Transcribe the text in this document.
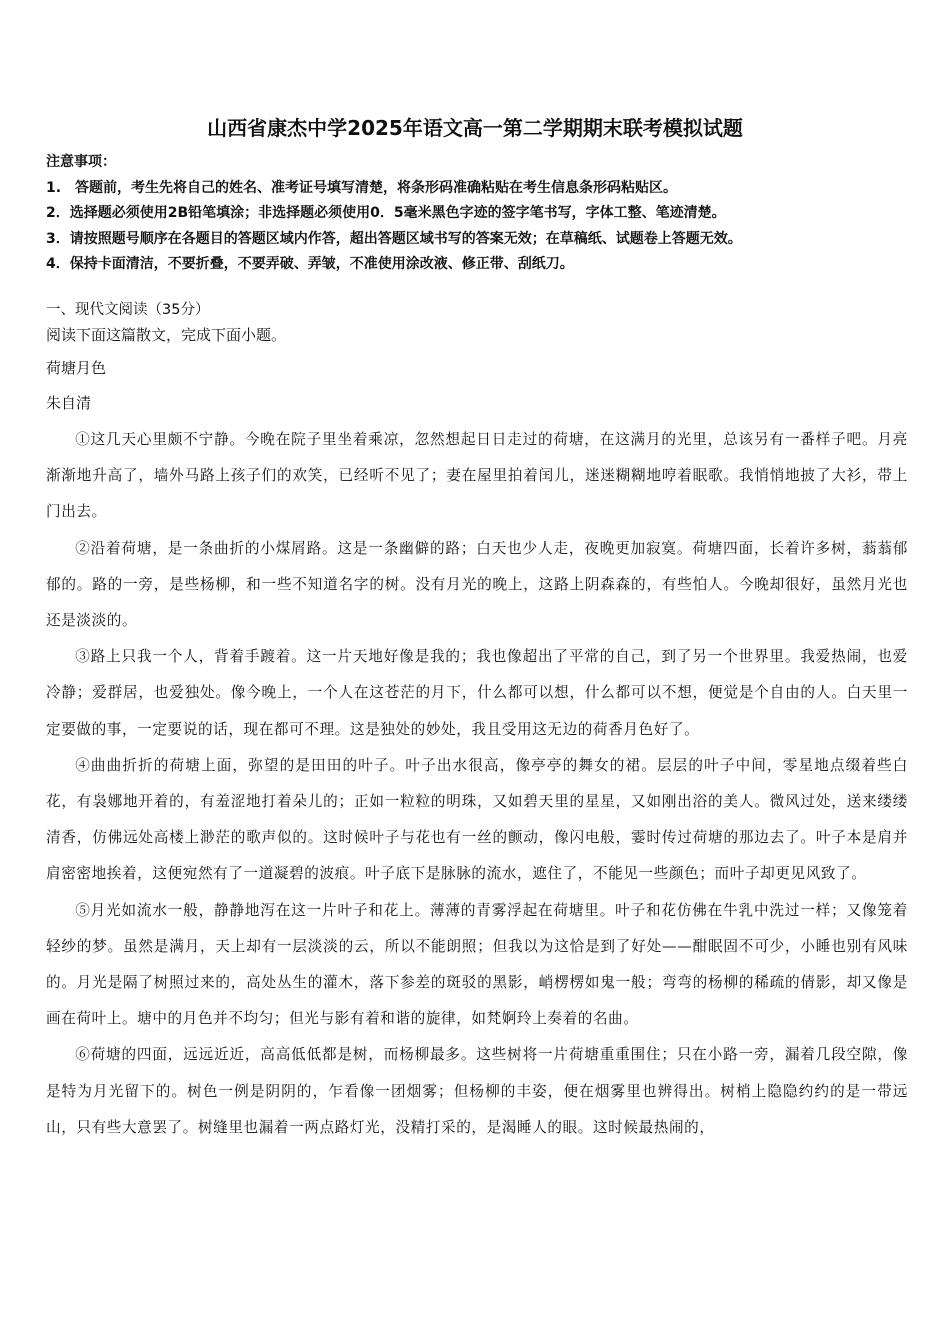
山西省康杰中学2025年语文高一第二学期期末联考模拟试题
注意事项：
1.　答题前，考生先将自己的姓名、准考证号填写清楚，将条形码准确粘贴在考生信息条形码粘贴区。
2．选择题必须使用2B铅笔填涂；非选择题必须使用0．5毫米黑色字迹的签字笔书写，字体工整、笔迹清楚。
3．请按照题号顺序在各题目的答题区域内作答，超出答题区域书写的答案无效；在草稿纸、试题卷上答题无效。
4．保持卡面清洁，不要折叠，不要弄破、弄皱，不准使用涂改液、修正带、刮纸刀。
一、现代文阅读（35分）
阅读下面这篇散文，完成下面小题。
荷塘月色
朱自清

①这几天心里颇不宁静。今晚在院子里坐着乘凉，忽然想起日日走过的荷塘，在这满月的光里，总该另有一番样子吧。月亮渐渐地升高了，墙外马路上孩子们的欢笑，已经听不见了；妻在屋里拍着闰儿，迷迷糊糊地哼着眠歌。我悄悄地披了大衫，带上门出去。

②沿着荷塘，是一条曲折的小煤屑路。这是一条幽僻的路；白天也少人走，夜晚更加寂寞。荷塘四面，长着许多树，蓊蓊郁郁的。路的一旁，是些杨柳，和一些不知道名字的树。没有月光的晚上，这路上阴森森的，有些怕人。今晚却很好，虽然月光也还是淡淡的。

③路上只我一个人，背着手踱着。这一片天地好像是我的；我也像超出了平常的自己，到了另一个世界里。我爱热闹，也爱冷静；爱群居，也爱独处。像今晚上，一个人在这苍茫的月下，什么都可以想，什么都可以不想，便觉是个自由的人。白天里一定要做的事，一定要说的话，现在都可不理。这是独处的妙处，我且受用这无边的荷香月色好了。

④曲曲折折的荷塘上面，弥望的是田田的叶子。叶子出水很高，像亭亭的舞女的裙。层层的叶子中间，零星地点缀着些白花，有袅娜地开着的，有羞涩地打着朵儿的；正如一粒粒的明珠，又如碧天里的星星，又如刚出浴的美人。微风过处，送来缕缕清香，仿佛远处高楼上渺茫的歌声似的。这时候叶子与花也有一丝的颤动，像闪电般，霎时传过荷塘的那边去了。叶子本是肩并肩密密地挨着，这便宛然有了一道凝碧的波痕。叶子底下是脉脉的流水，遮住了，不能见一些颜色；而叶子却更见风致了。

⑤月光如流水一般，静静地泻在这一片叶子和花上。薄薄的青雾浮起在荷塘里。叶子和花仿佛在牛乳中洗过一样；又像笼着轻纱的梦。虽然是满月，天上却有一层淡淡的云，所以不能朗照；但我以为这恰是到了好处——酣眠固不可少，小睡也别有风味的。月光是隔了树照过来的，高处丛生的灌木，落下参差的斑驳的黑影，峭楞楞如鬼一般；弯弯的杨柳的稀疏的倩影，却又像是画在荷叶上。塘中的月色并不均匀；但光与影有着和谐的旋律，如梵婀玲上奏着的名曲。

⑥荷塘的四面，远远近近，高高低低都是树，而杨柳最多。这些树将一片荷塘重重围住；只在小路一旁，漏着几段空隙，像是特为月光留下的。树色一例是阴阴的，乍看像一团烟雾；但杨柳的丰姿，便在烟雾里也辨得出。树梢上隐隐约约的是一带远山，只有些大意罢了。树缝里也漏着一两点路灯光，没精打采的，是渴睡人的眼。这时候最热闹的，
